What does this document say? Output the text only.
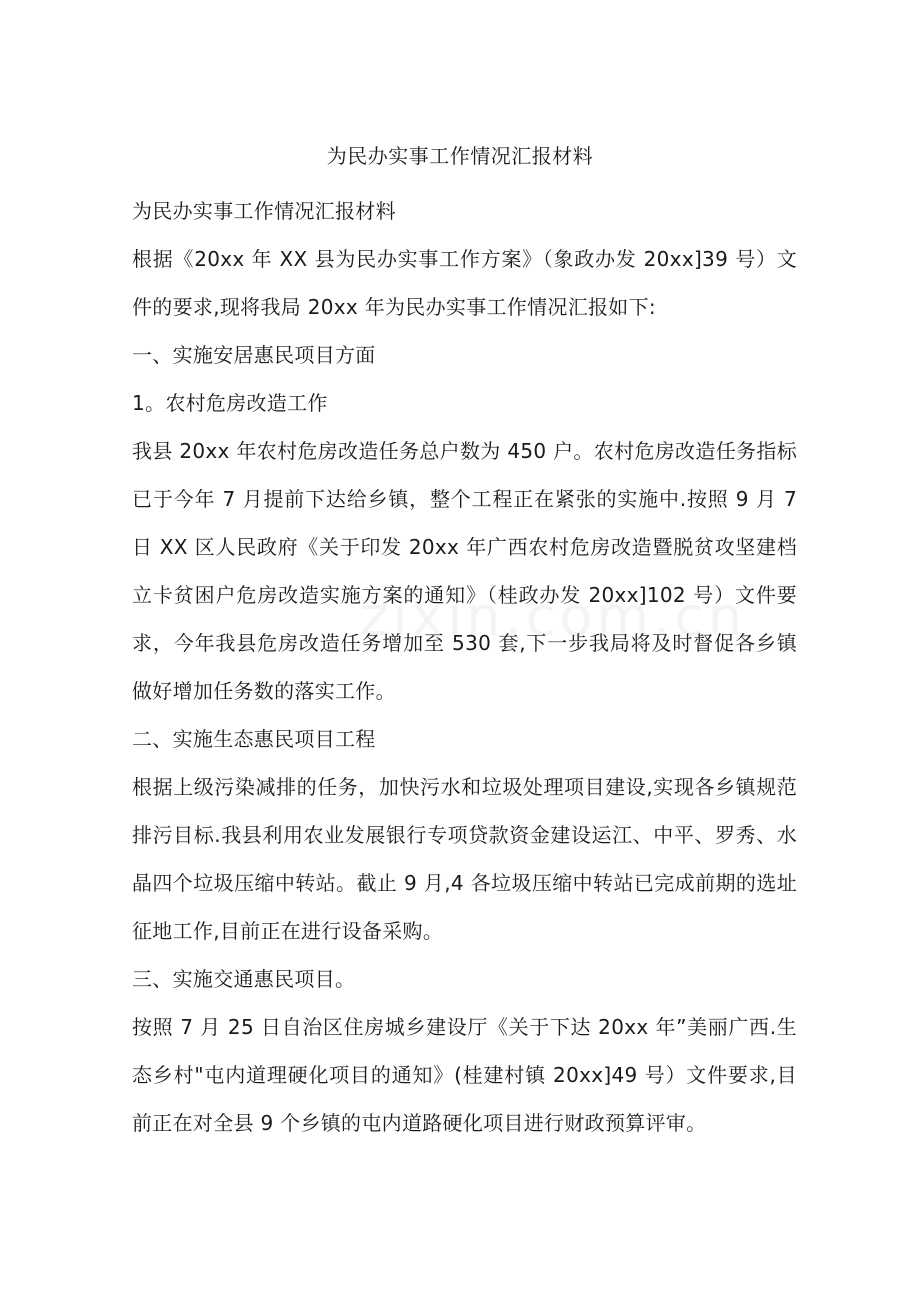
为民办实事工作情况汇报材料

为民办实事工作情况汇报材料

根据《20xx 年 XX 县为民办实事工作方案》（象政办发 20xx]39 号）文件的要求,现将我局 20xx 年为民办实事工作情况汇报如下:

一、实施安居惠民项目方面

1。农村危房改造工作

我县 20xx 年农村危房改造任务总户数为 450 户。农村危房改造任务指标已于今年 7 月提前下达给乡镇，整个工程正在紧张的实施中.按照 9 月 7 日 XX 区人民政府《关于印发 20xx 年广西农村危房改造暨脱贫攻坚建档立卡贫困户危房改造实施方案的通知》（桂政办发 20xx]102 号）文件要求，今年我县危房改造任务增加至 530 套,下一步我局将及时督促各乡镇做好增加任务数的落实工作。

二、实施生态惠民项目工程

根据上级污染减排的任务，加快污水和垃圾处理项目建设,实现各乡镇规范排污目标.我县利用农业发展银行专项贷款资金建设运江、中平、罗秀、水晶四个垃圾压缩中转站。截止 9 月,4 各垃圾压缩中转站已完成前期的选址征地工作,目前正在进行设备采购。

三、实施交通惠民项目。

按照 7 月 25 日自治区住房城乡建设厅《关于下达 20xx 年”美丽广西.生态乡村"屯内道理硬化项目的通知》(桂建村镇 20xx]49 号）文件要求,目前正在对全县 9 个乡镇的屯内道路硬化项目进行财政预算评审。
